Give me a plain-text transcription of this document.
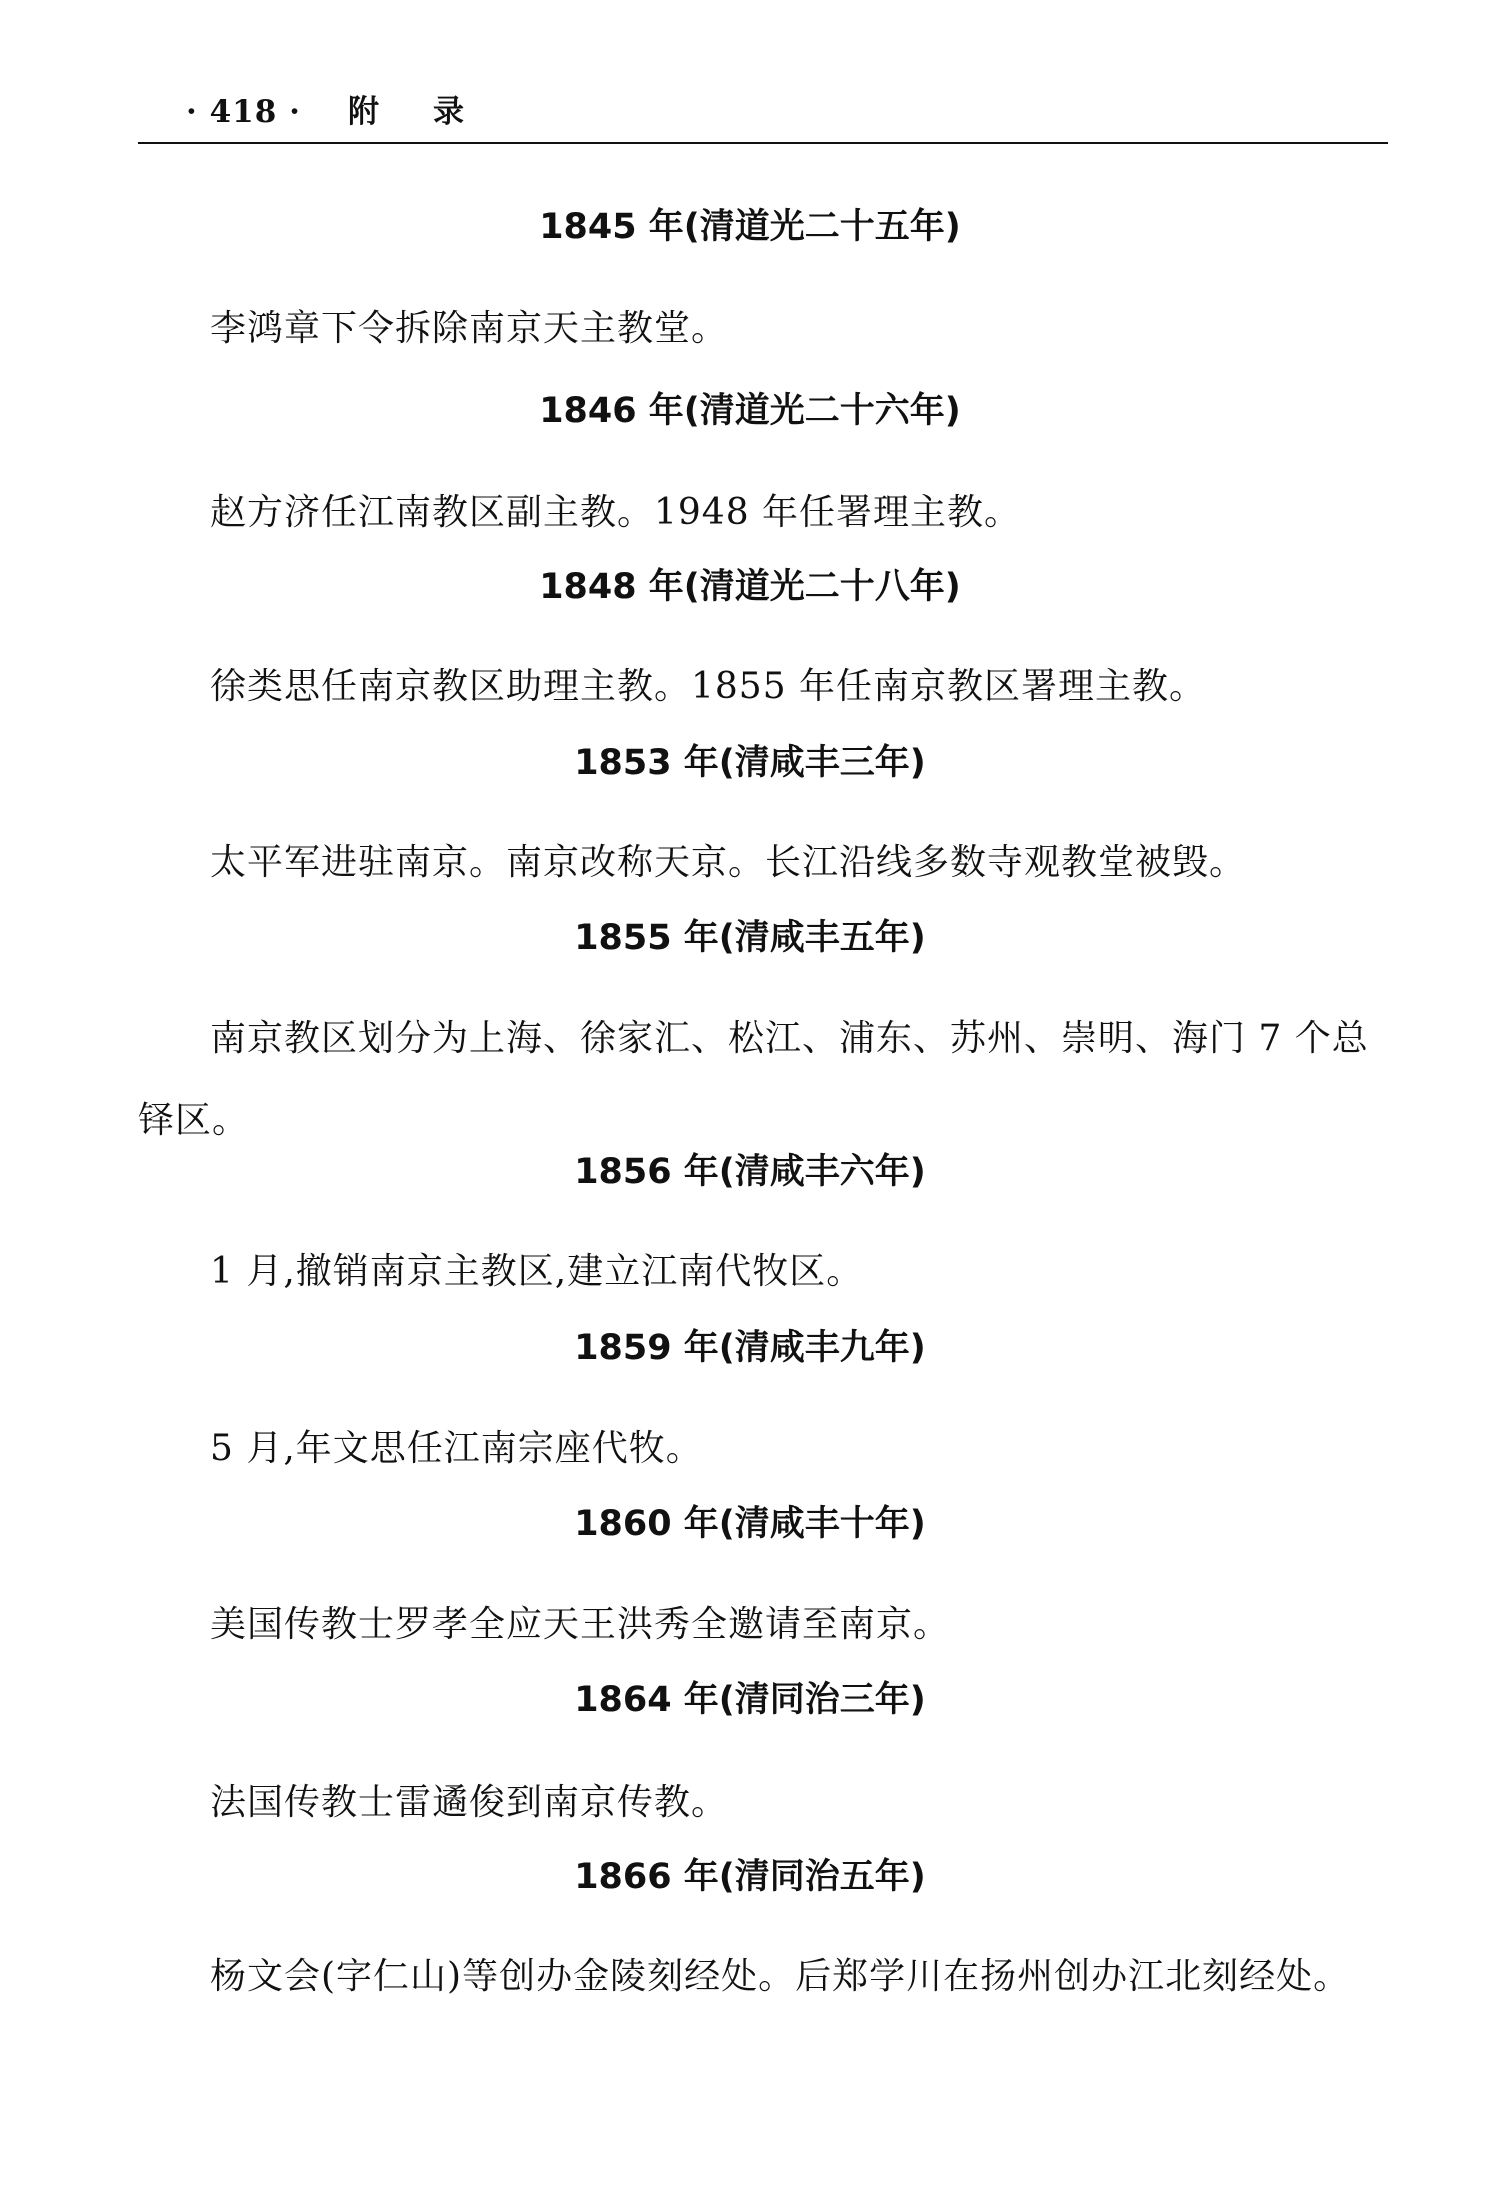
· 418 · 附录
1845 年(清道光二十五年)

李鸿章下令拆除南京天主教堂。

1846 年(清道光二十六年)

赵方济任江南教区副主教。1948 年任署理主教。

1848 年(清道光二十八年)

徐类思任南京教区助理主教。1855 年任南京教区署理主教。

1853 年(清咸丰三年)

太平军进驻南京。南京改称天京。长江沿线多数寺观教堂被毁。

1855 年(清咸丰五年)

南京教区划分为上海、徐家汇、松江、浦东、苏州、崇明、海门 7 个总铎区。

1856 年(清咸丰六年)

1 月,撤销南京主教区,建立江南代牧区。

1859 年(清咸丰九年)

5 月,年文思任江南宗座代牧。

1860 年(清咸丰十年)

美国传教士罗孝全应天王洪秀全邀请至南京。

1864 年(清同治三年)

法国传教士雷遹俊到南京传教。

1866 年(清同治五年)

杨文会(字仁山)等创办金陵刻经处。后郑学川在扬州创办江北刻经处。
